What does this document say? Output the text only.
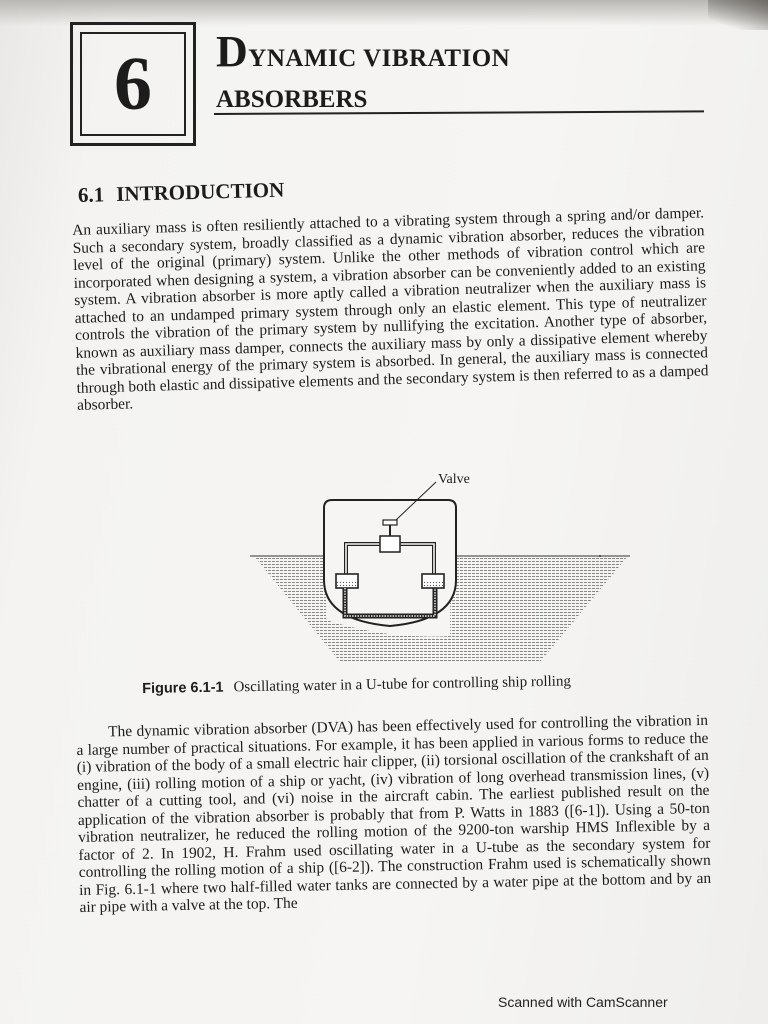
6	DYNAMIC VIBRATION
ABSORBERS
6.1 INTRODUCTION
An auxiliary mass is often resiliently attached to a vibrating system through a spring and/or damper. Such a secondary system, broadly classified as a dynamic vibration absorber, reduces the vibration level of the original (primary) system. Unlike the other methods of vibration control which are incorporated when designing a system, a vibration absorber can be conveniently added to an existing system. A vibration absorber is more aptly called a vibration neutralizer when the auxiliary mass is attached to an undamped primary system through only an elastic element. This type of neutralizer controls the vibration of the primary system by nullifying the excitation. Another type of absorber, known as auxiliary mass damper, connects the auxiliary mass by only a dissipative element whereby the vibrational energy of the primary system is absorbed. In general, the auxiliary mass is connected through both elastic and dissipative elements and the secondary system is then referred to as a damped absorber.
Valve
Figure 6.1-1 Oscillating water in a U-tube for controlling ship rolling
The dynamic vibration absorber (DVA) has been effectively used for controlling the vibration in a large number of practical situations. For example, it has been applied in various forms to reduce the (i) vibration of the body of a small electric hair clipper, (ii) torsional oscillation of the crankshaft of an engine, (iii) rolling motion of a ship or yacht, (iv) vibration of long overhead transmission lines, (v) chatter of a cutting tool, and (vi) noise in the aircraft cabin. The earliest published result on the application of the vibration absorber is probably that from P. Watts in 1883 ([6-1]). Using a 50-ton vibration neutralizer, he reduced the rolling motion of the 9200-ton warship HMS Inflexible by a factor of 2. In 1902, H. Frahm used oscillating water in a U-tube as the secondary system for controlling the rolling motion of a ship ([6-2]). The construction Frahm used is schematically shown in Fig. 6.1-1 where two half-filled water tanks are connected by a water pipe at the bottom and by an air pipe with a valve at the top. The
Scanned with CamScanner
